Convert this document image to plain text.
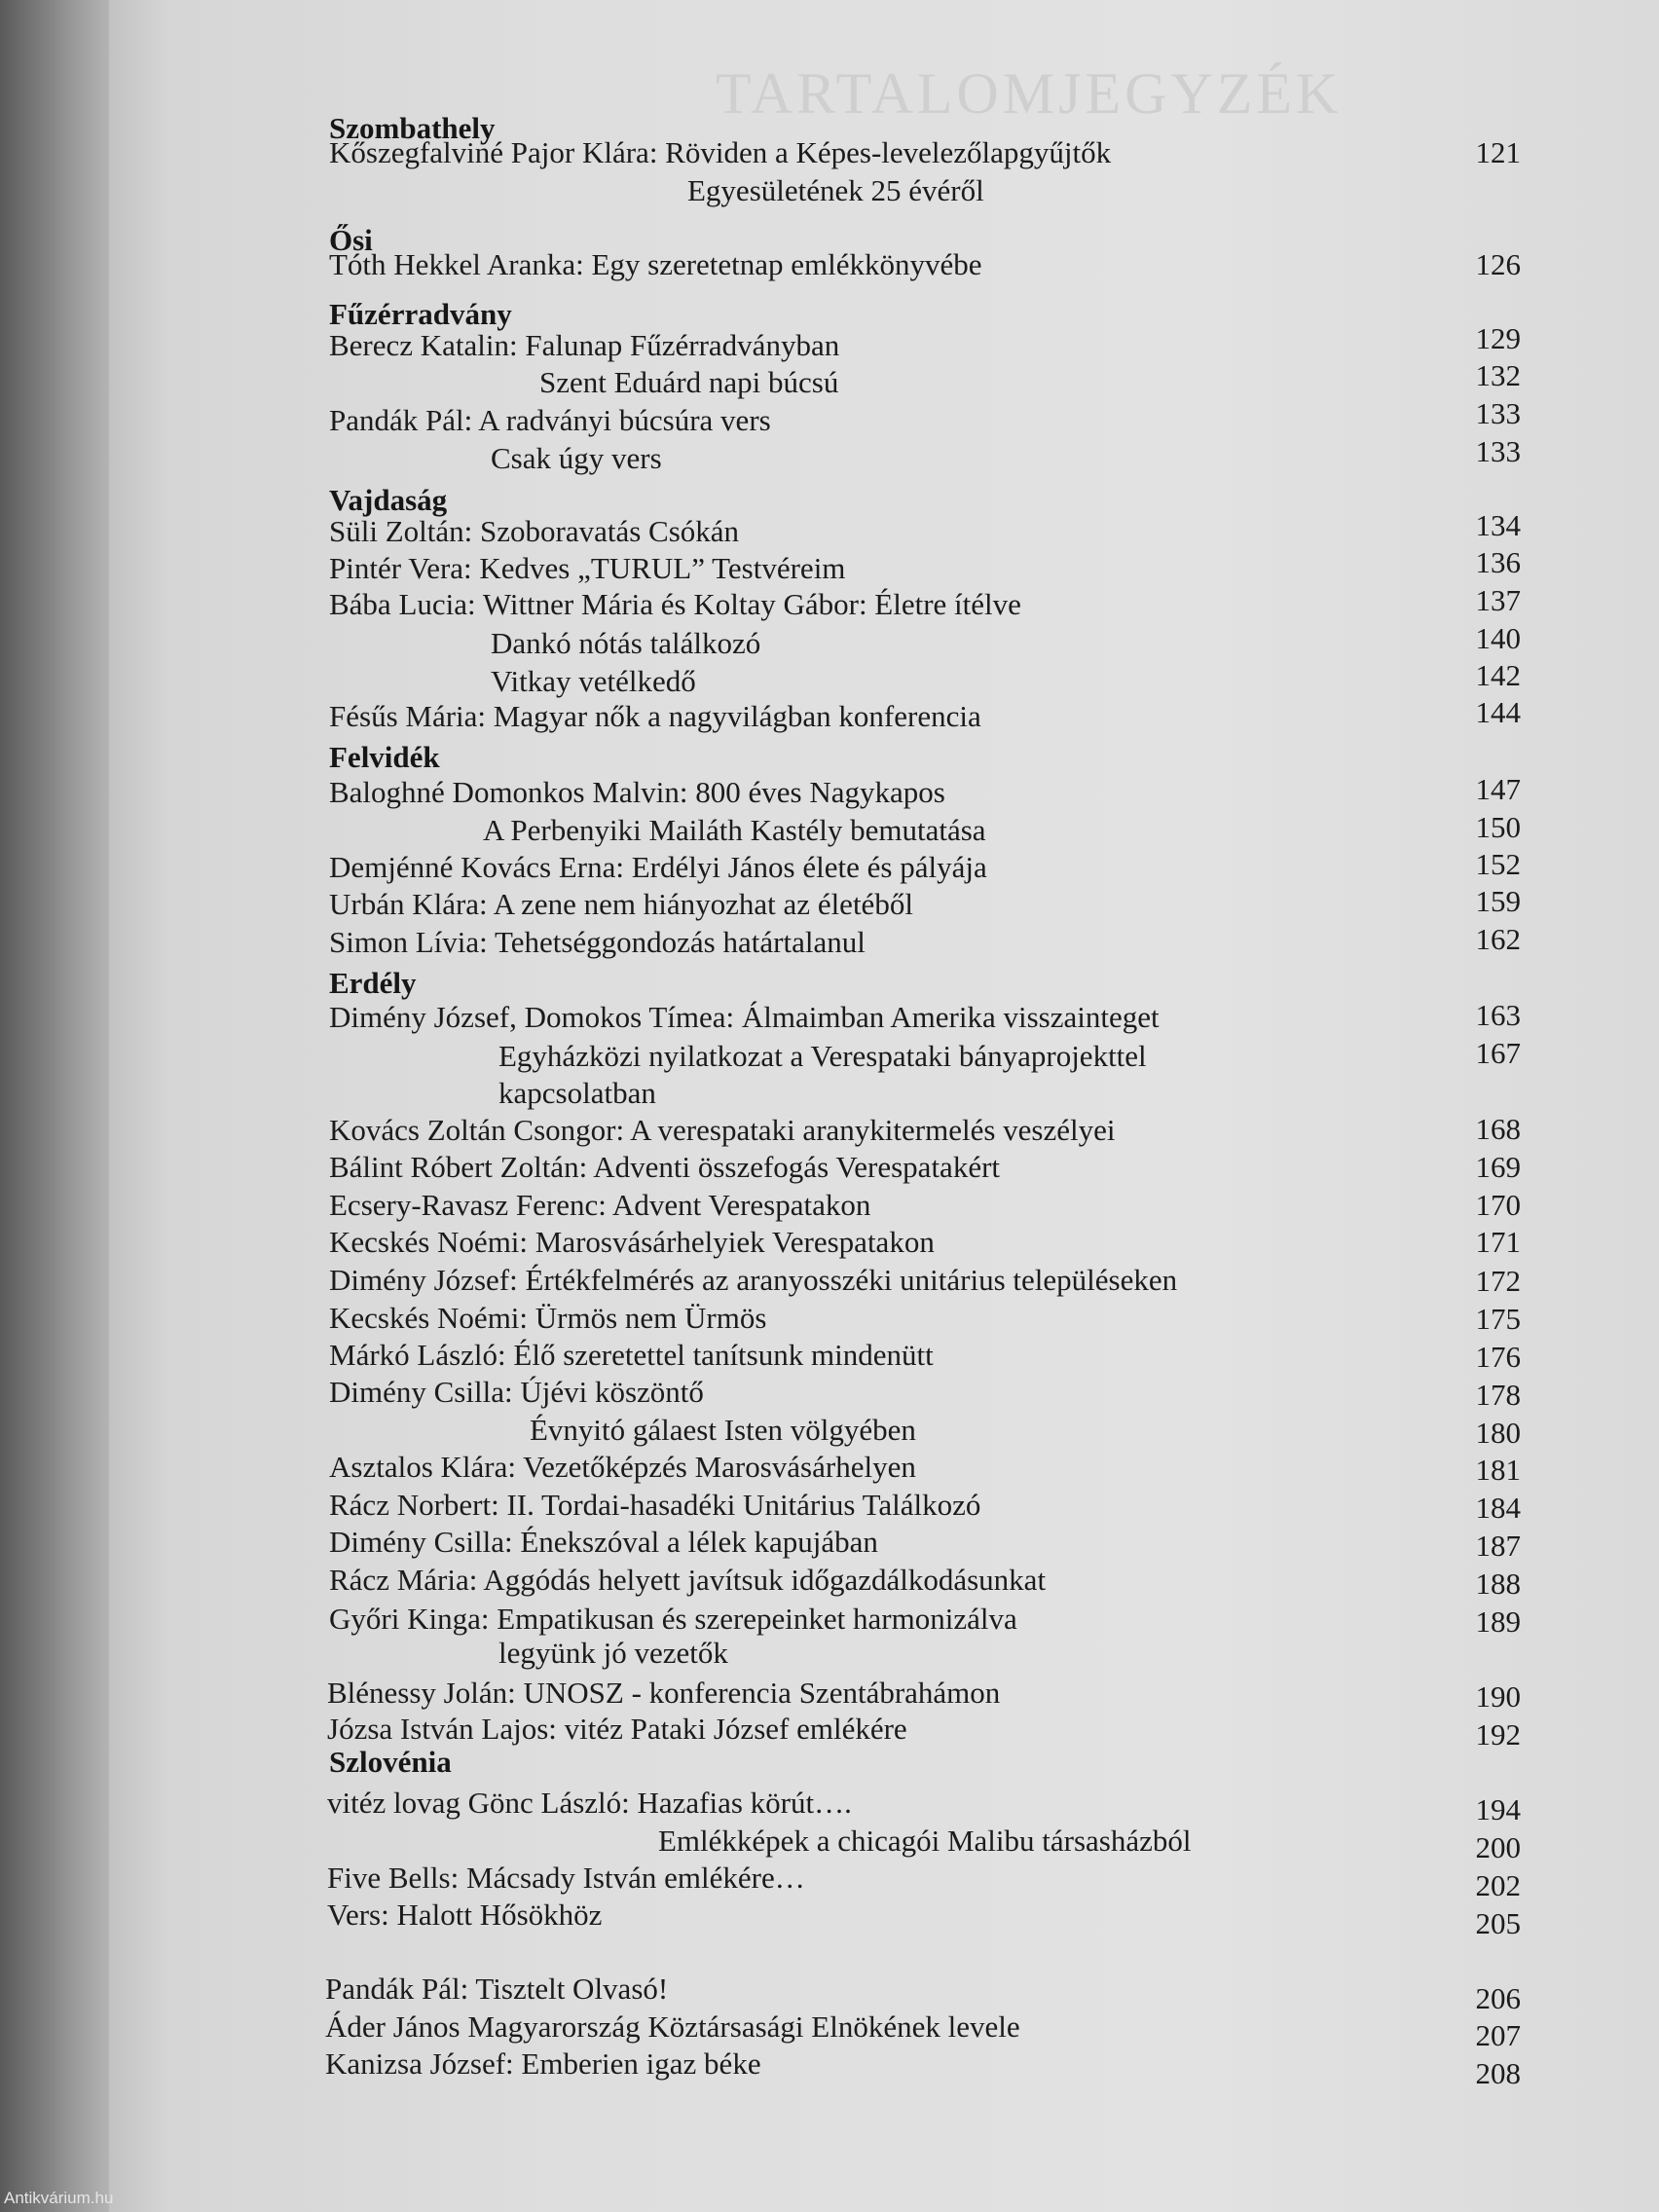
TARTALOMJEGYZÉK
Szombathely
Kőszegfalviné Pajor Klára: Röviden a Képes-levelezőlapgyűjtők	121
Egyesületének 25 évéről
Ősi
Tóth Hekkel Aranka: Egy szeretetnap emlékkönyvébe	126
Fűzérradvány
Berecz Katalin: Falunap Fűzérradványban	129
Szent Eduárd napi búcsú	132
Pandák Pál: A radványi búcsúra vers	133
Csak úgy vers	133
Vajdaság
Süli Zoltán: Szoboravatás Csókán	134
Pintér Vera: Kedves „TURUL” Testvéreim	136
Bába Lucia: Wittner Mária és Koltay Gábor: Életre ítélve	137
Dankó nótás találkozó	140
Vitkay vetélkedő	142
Fésűs Mária: Magyar nők a nagyvilágban konferencia	144
Felvidék
Baloghné Domonkos Malvin: 800 éves Nagykapos	147
A Perbenyiki Mailáth Kastély bemutatása	150
Demjénné Kovács Erna: Erdélyi János élete és pályája	152
Urbán Klára: A zene nem hiányozhat az életéből	159
Simon Lívia: Tehetséggondozás határtalanul	162
Erdély
Dimény József, Domokos Tímea: Álmaimban Amerika visszainteget	163
Egyházközi nyilatkozat a Verespataki bányaprojekttel	167
kapcsolatban
Kovács Zoltán Csongor: A verespataki aranykitermelés veszélyei	168
Bálint Róbert Zoltán: Adventi összefogás Verespatakért	169
Ecsery-Ravasz Ferenc: Advent Verespatakon	170
Kecskés Noémi: Marosvásárhelyiek Verespatakon	171
Dimény József: Értékfelmérés az aranyosszéki unitárius településeken	172
Kecskés Noémi: Ürmös nem Ürmös	175
Márkó László: Élő szeretettel tanítsunk mindenütt	176
Dimény Csilla: Újévi köszöntő	178
Évnyitó gálaest Isten völgyében	180
Asztalos Klára: Vezetőképzés Marosvásárhelyen	181
Rácz Norbert: II. Tordai-hasadéki Unitárius Találkozó	184
Dimény Csilla: Énekszóval a lélek kapujában	187
Rácz Mária: Aggódás helyett javítsuk időgazdálkodásunkat	188
Győri Kinga: Empatikusan és szerepeinket harmonizálva	189
legyünk jó vezetők
Blénessy Jolán: UNOSZ - konferencia Szentábrahámon	190
Józsa István Lajos: vitéz Pataki József emlékére	192
Szlovénia
vitéz lovag Gönc László: Hazafias körút….	194
Emlékképek a chicagói Malibu társasházból	200
Five Bells: Mácsady István emlékére…	202
Vers: Halott Hősökhöz	205
Pandák Pál: Tisztelt Olvasó!	206
Áder János Magyarország Köztársasági Elnökének levele	207
Kanizsa József: Emberien igaz béke	208
Antikvárium.hu
